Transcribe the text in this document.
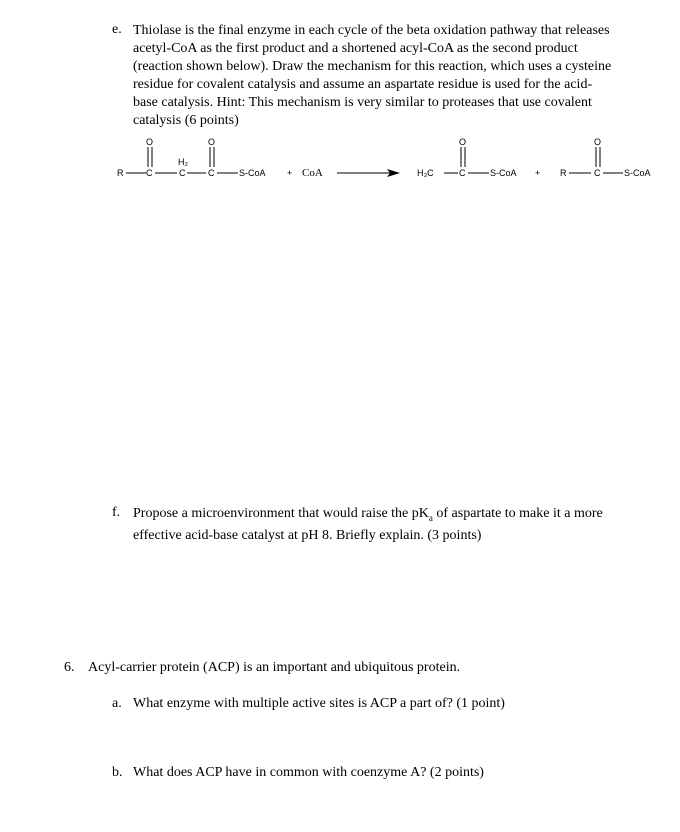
e. Thiolase is the final enzyme in each cycle of the beta oxidation pathway that releases
acetyl-CoA as the first product and a shortened acyl-CoA as the second product
(reaction shown below). Draw the mechanism for this reaction, which uses a cysteine
residue for covalent catalysis and assume an aspartate residue is used for the acid-
base catalysis. Hint: This mechanism is very similar to proteases that use covalent
catalysis (6 points)
R	C
O
C
H₂
C
O
S-CoA + CoA	H₃C	C
O
S-CoA + R	C
O
S-CoA
f. Propose a microenvironment that would raise the $pK_a$ of aspartate to make it a more
effective acid-base catalyst at pH 8. Briefly explain. (3 points)
6. Acyl-carrier protein (ACP) is an important and ubiquitous protein.
a. What enzyme with multiple active sites is ACP a part of? (1 point)
b. What does ACP have in common with coenzyme A? (2 points)
